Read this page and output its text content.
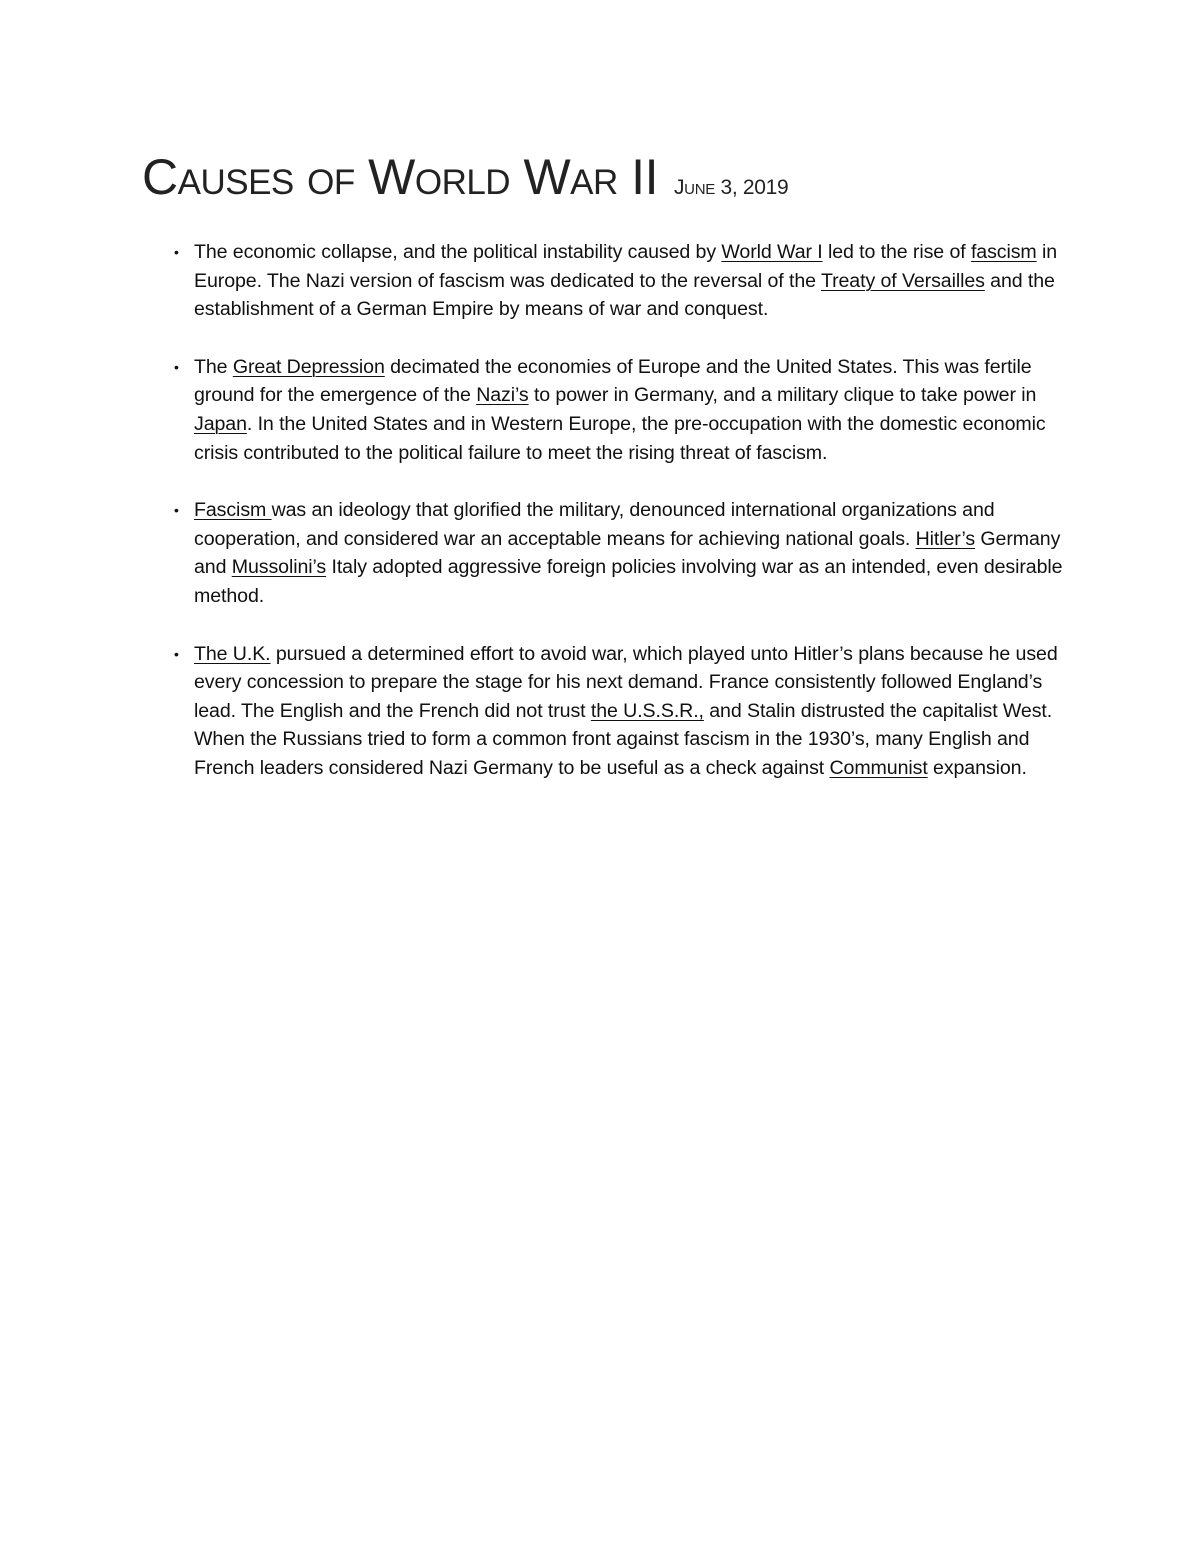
Causes of World War II June 3, 2019
• The economic collapse, and the political instability caused by World War I led to the rise of fascism in Europe. The Nazi version of fascism was dedicated to the reversal of the Treaty of Versailles and the establishment of a German Empire by means of war and conquest.
• The Great Depression decimated the economies of Europe and the United States. This was fertile ground for the emergence of the Nazi’s to power in Germany, and a military clique to take power in Japan. In the United States and in Western Europe, the pre-occupation with the domestic economic crisis contributed to the political failure to meet the rising threat of fascism.
• Fascism was an ideology that glorified the military, denounced international organizations and cooperation, and considered war an acceptable means for achieving national goals. Hitler’s Germany and Mussolini’s Italy adopted aggressive foreign policies involving war as an intended, even desirable method.
• The U.K. pursued a determined effort to avoid war, which played unto Hitler’s plans because he used every concession to prepare the stage for his next demand. France consistently followed England’s lead. The English and the French did not trust the U.S.S.R., and Stalin distrusted the capitalist West. When the Russians tried to form a common front against fascism in the 1930’s, many English and French leaders considered Nazi Germany to be useful as a check against Communist expansion.
